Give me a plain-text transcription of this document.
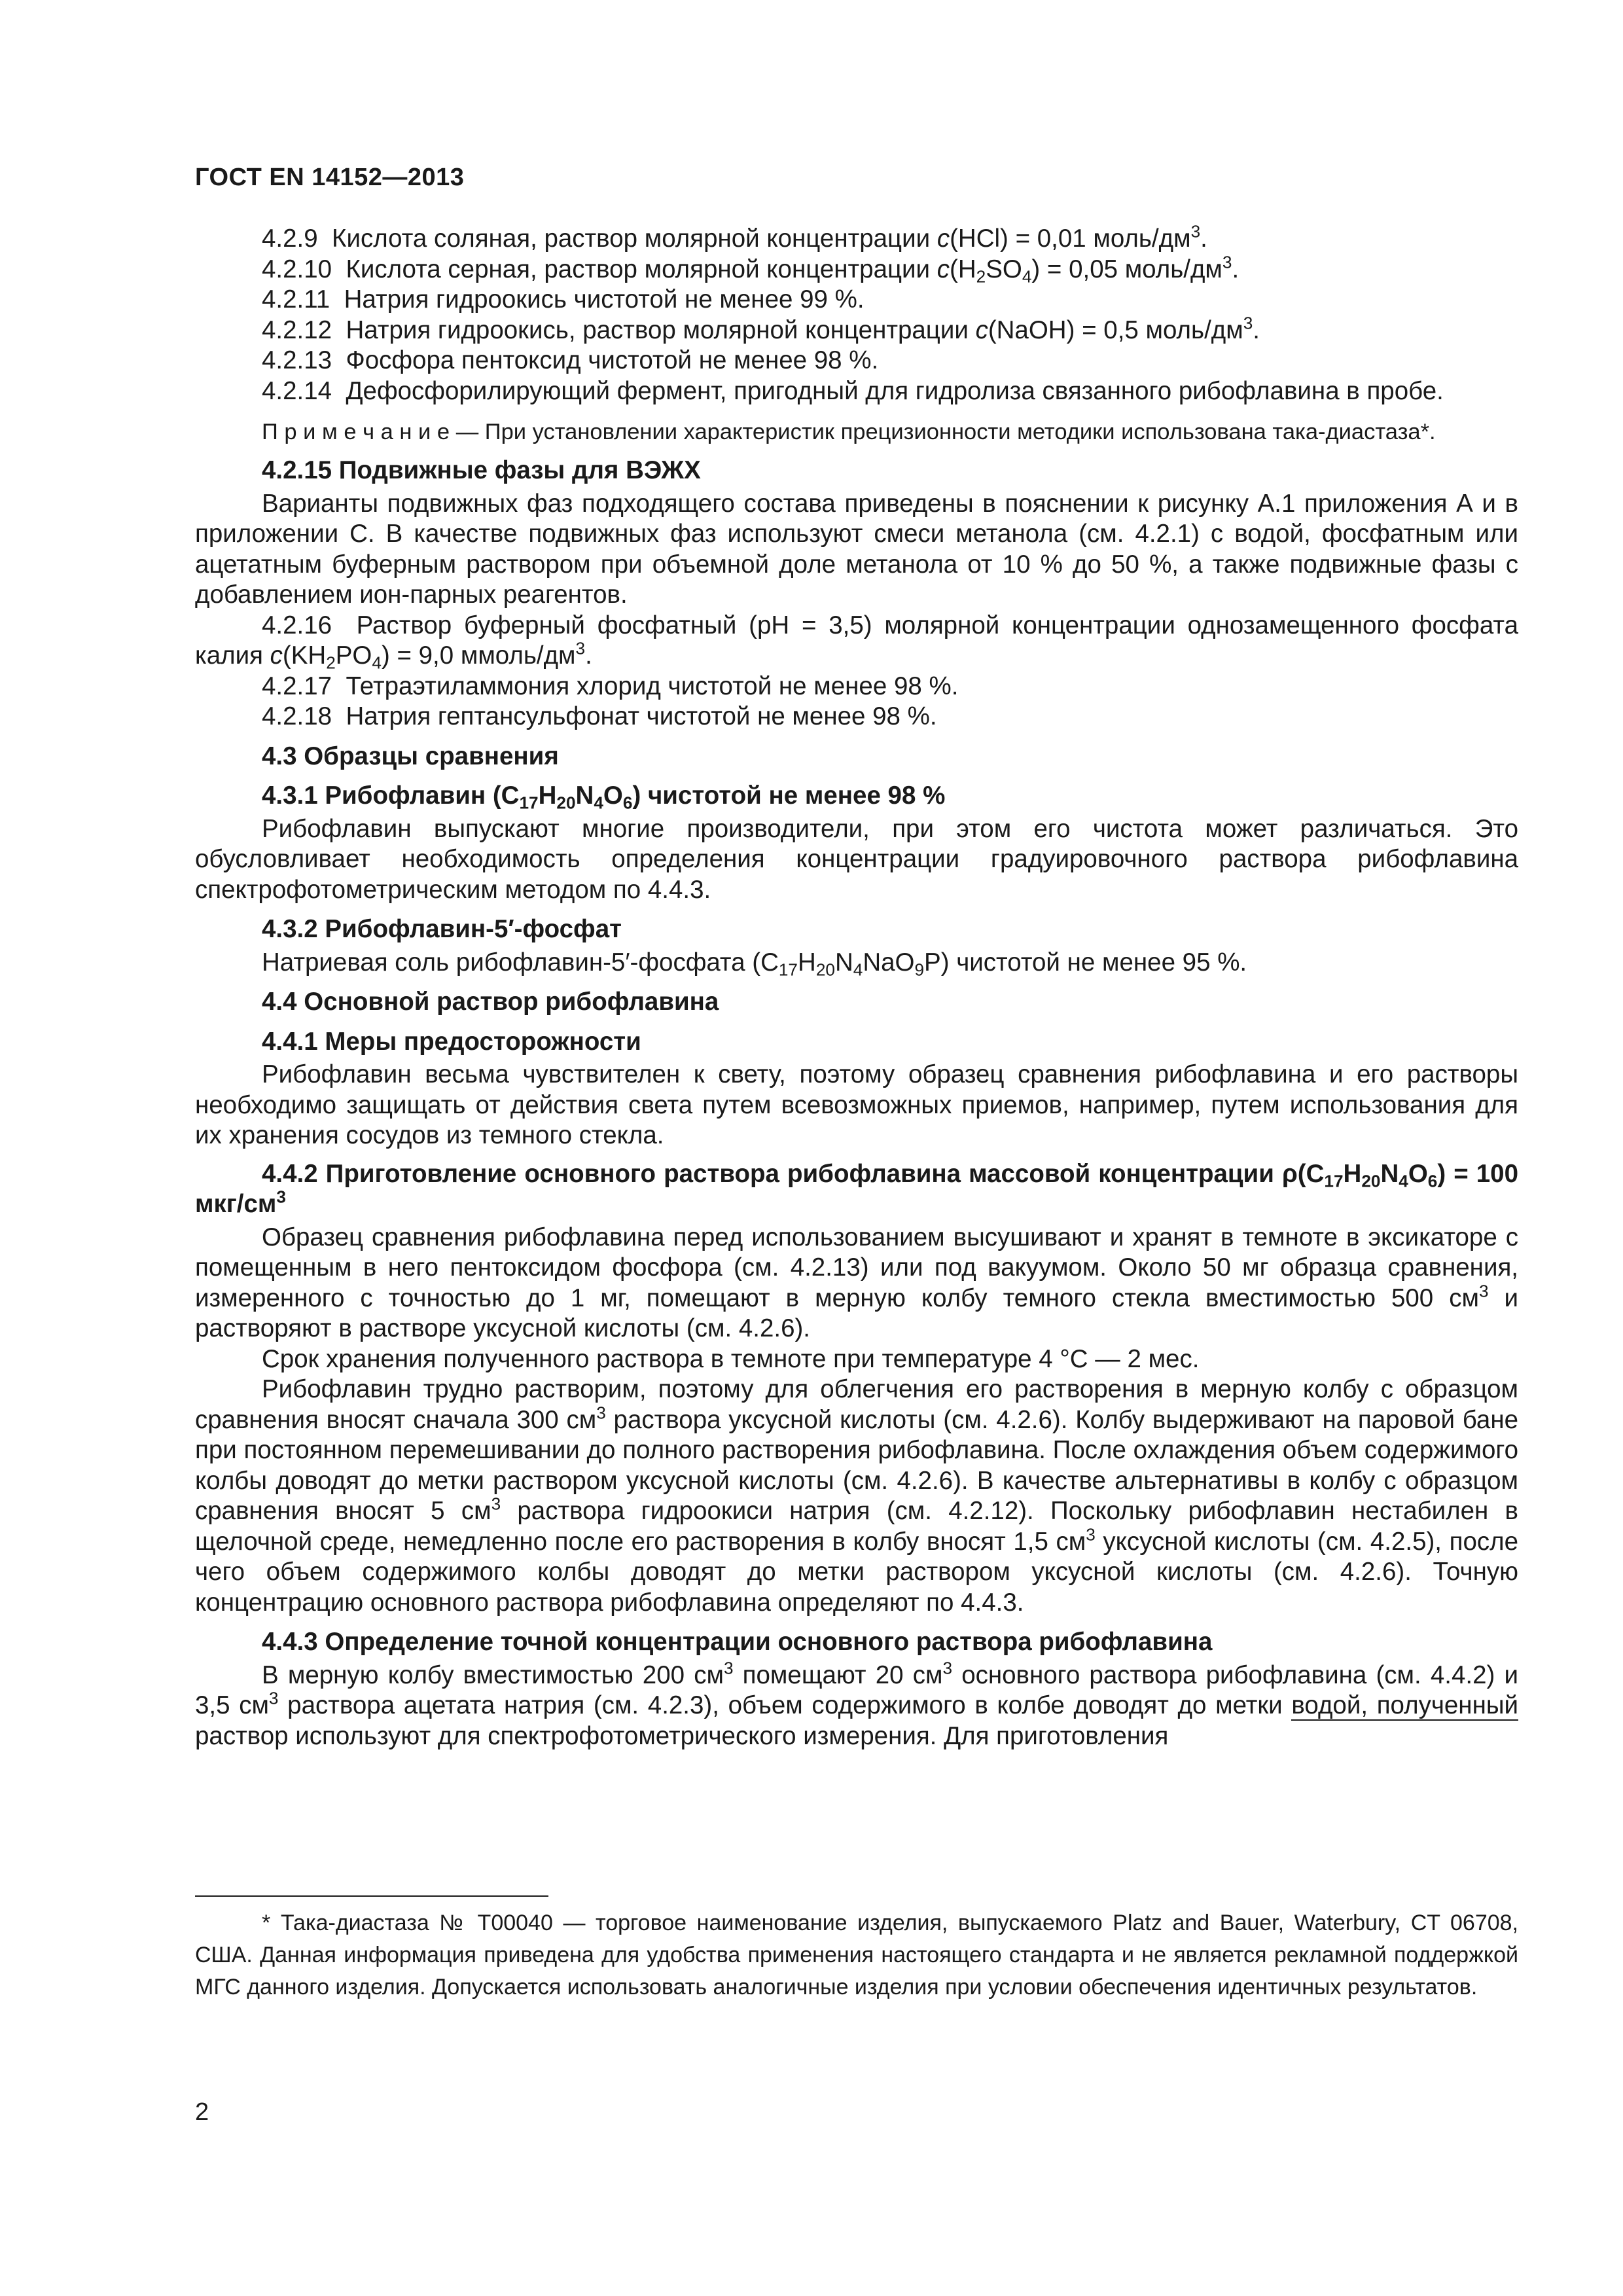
ГОСТ EN 14152—2013

4.2.9 Кислота соляная, раствор молярной концентрации c(HCl) = 0,01 моль/$дм^3$.

4.2.10 Кислота серная, раствор молярной концентрации $c(H_2SO_4) = 0,05$ моль/$дм^3$.

4.2.11 Натрия гидроокись чистотой не менее 99 %.

4.2.12 Натрия гидроокись, раствор молярной концентрации c(NaOH) = 0,5 моль/$дм^3$.

4.2.13 Фосфора пентоксид чистотой не менее 98 %.

4.2.14 Дефосфорилирующий фермент, пригодный для гидролиза связанного рибофлавина в пробе.

П р и м е ч а н и е — При установлении характеристик прецизионности методики использована така-диастаза*.

4.2.15 Подвижные фазы для ВЭЖХ

Варианты подвижных фаз подходящего состава приведены в пояснении к рисунку А.1 приложения А и в приложении С. В качестве подвижных фаз используют смеси метанола (см. 4.2.1) с водой, фосфатным или ацетатным буферным раствором при объемной доле метанола от 10 % до 50 %, а также подвижные фазы с добавлением ион-парных реагентов.

4.2.16 Раствор буферный фосфатный (pH = 3,5) молярной концентрации однозамещенного фосфата калия $c(KH_2PO_4) = 9,0$ ммоль/$дм^3$.

4.2.17 Тетраэтиламмония хлорид чистотой не менее 98 %.

4.2.18 Натрия гептансульфонат чистотой не менее 98 %.

4.3 Образцы сравнения

4.3.1 Рибофлавин $(C_{17}H_{20}N_4O_6)$ чистотой не менее 98 %

Рибофлавин выпускают многие производители, при этом его чистота может различаться. Это обусловливает необходимость определения концентрации градуировочного раствора рибофлавина спектрофотометрическим методом по 4.4.3.

4.3.2 Рибофлавин-5′-фосфат

Натриевая соль рибофлавин-5′-фосфата $(C_{17}H_{20}N_4NaO_9P)$ чистотой не менее 95 %.

4.4 Основной раствор рибофлавина

4.4.1 Меры предосторожности

Рибофлавин весьма чувствителен к свету, поэтому образец сравнения рибофлавина и его растворы необходимо защищать от действия света путем всевозможных приемов, например, путем использования для их хранения сосудов из темного стекла.

4.4.2 Приготовление основного раствора рибофлавина массовой концентрации $\rho(C_{17}H_{20}N_4O_6) = 100$ мкг/$см^3$

Образец сравнения рибофлавина перед использованием высушивают и хранят в темноте в эксикаторе с помещенным в него пентоксидом фосфора (см. 4.2.13) или под вакуумом. Около 50 мг образца сравнения, измеренного с точностью до 1 мг, помещают в мерную колбу темного стекла вместимостью 500 $см^3$ и растворяют в растворе уксусной кислоты (см. 4.2.6).

Срок хранения полученного раствора в темноте при температуре 4 °С — 2 мес.

Рибофлавин трудно растворим, поэтому для облегчения его растворения в мерную колбу с образцом сравнения вносят сначала 300 $см^3$ раствора уксусной кислоты (см. 4.2.6). Колбу выдерживают на паровой бане при постоянном перемешивании до полного растворения рибофлавина. После охлаждения объем содержимого колбы доводят до метки раствором уксусной кислоты (см. 4.2.6). В качестве альтернативы в колбу с образцом сравнения вносят 5 $см^3$ раствора гидроокиси натрия (см. 4.2.12). Поскольку рибофлавин нестабилен в щелочной среде, немедленно после его растворения в колбу вносят 1,5 $см^3$ уксусной кислоты (см. 4.2.5), после чего объем содержимого колбы доводят до метки раствором уксусной кислоты (см. 4.2.6). Точную концентрацию основного раствора рибофлавина определяют по 4.4.3.

4.4.3 Определение точной концентрации основного раствора рибофлавина

В мерную колбу вместимостью 200 $см^3$ помещают 20 $см^3$ основного раствора рибофлавина (см. 4.4.2) и 3,5 $см^3$ раствора ацетата натрия (см. 4.2.3), объем содержимого в колбе доводят до метки водой, полученный раствор используют для спектрофотометрического измерения. Для приготовления

* Така-диастаза № Т00040 — торговое наименование изделия, выпускаемого Platz and Bauer, Waterbury, CT 06708, США. Данная информация приведена для удобства применения настоящего стандарта и не является рекламной поддержкой МГС данного изделия. Допускается использовать аналогичные изделия при условии обеспечения идентичных результатов.

2
